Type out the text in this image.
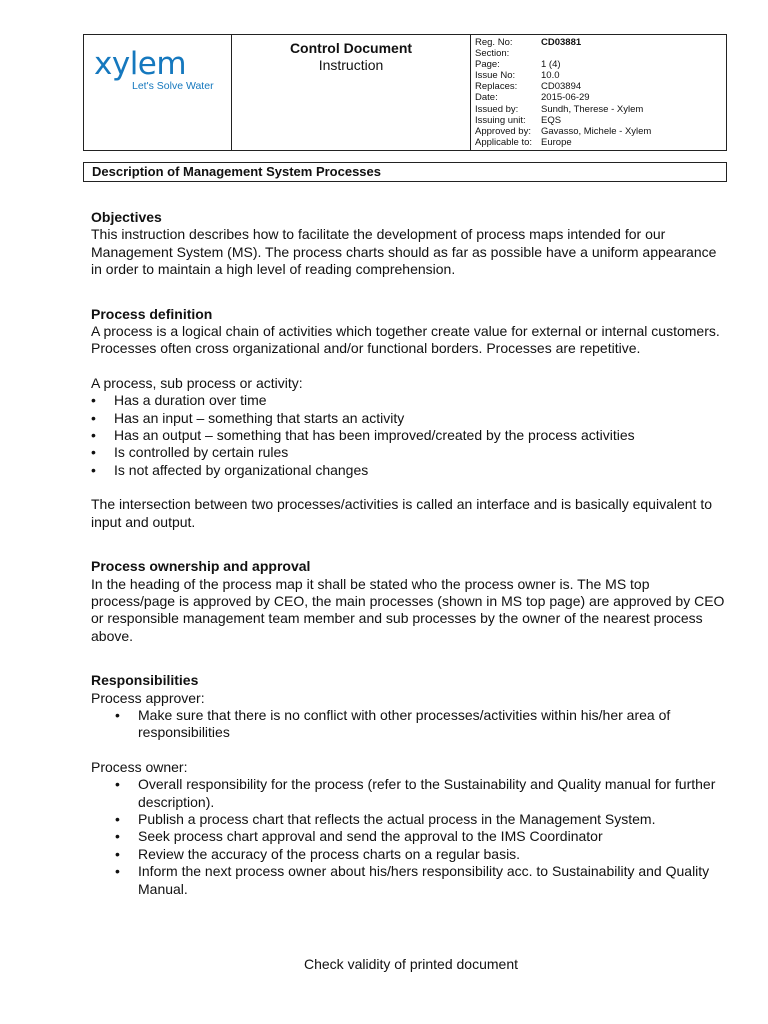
xylem
Let's Solve Water
Control Document
Instruction
Reg. No:	CD03881
Section:
Page:	1 (4)
Issue No:	10.0
Replaces:	CD03894
Date:	2015-06-29
Issued by:	Sundh, Therese - Xylem
Issuing unit:	EQS
Approved by:	Gavasso, Michele - Xylem
Applicable to: Europe
Description of Management System Processes
Objectives

This instruction describes how to facilitate the development of process maps intended for our Management System (MS). The process charts should as far as possible have a uniform appearance in order to maintain a high level of reading comprehension.

Process definition

A process is a logical chain of activities which together create value for external or internal customers. Processes often cross organizational and/or functional borders. Processes are repetitive.

A process, sub process or activity:

• Has a duration over time
• Has an input – something that starts an activity
• Has an output – something that has been improved/created by the process activities
• Is controlled by certain rules
• Is not affected by organizational changes

The intersection between two processes/activities is called an interface and is basically equivalent to input and output.

Process ownership and approval

In the heading of the process map it shall be stated who the process owner is. The MS top process/page is approved by CEO, the main processes (shown in MS top page) are approved by CEO or responsible management team member and sub processes by the owner of the nearest process above.

Responsibilities

Process approver:

• Make sure that there is no conflict with other processes/activities within his/her area of responsibilities

Process owner:

• Overall responsibility for the process (refer to the Sustainability and Quality manual for further description).
• Publish a process chart that reflects the actual process in the Management System.
• Seek process chart approval and send the approval to the IMS Coordinator
• Review the accuracy of the process charts on a regular basis.
• Inform the next process owner about his/hers responsibility acc. to Sustainability and Quality Manual.
Check validity of printed document
